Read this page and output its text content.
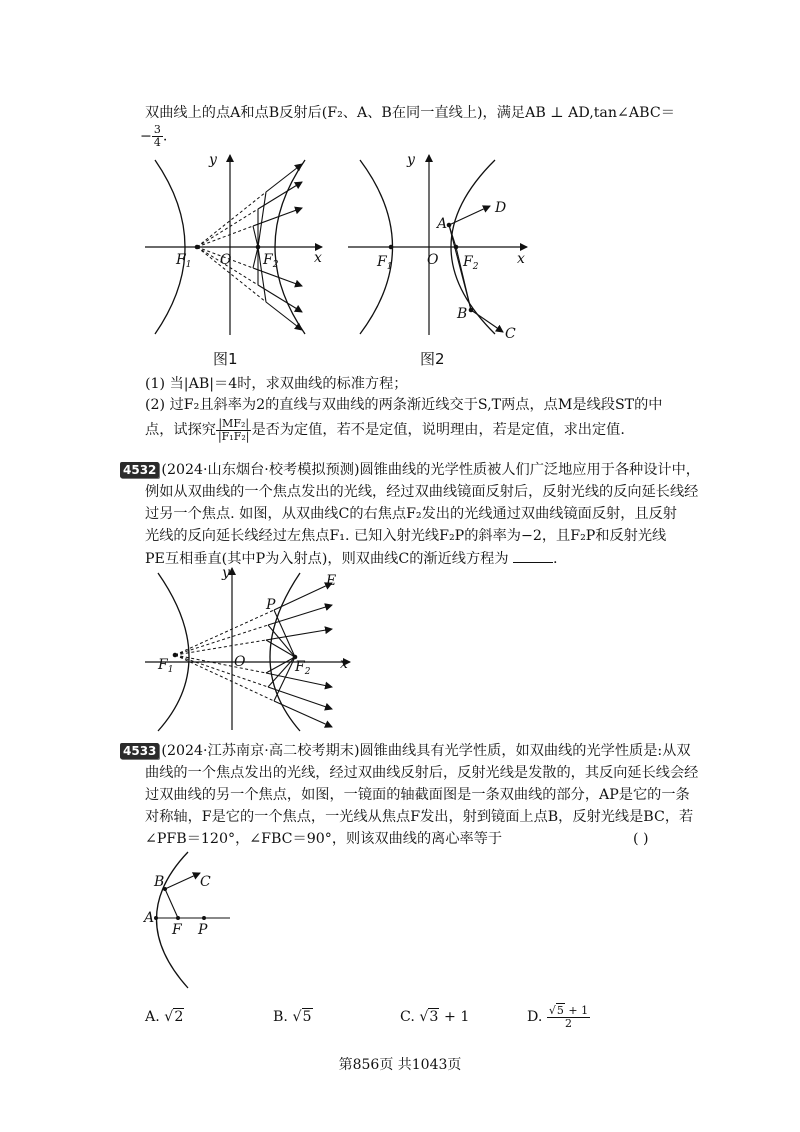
双曲线上的点A和点B反射后(F₂、A、B在同一直线上)，满足AB ⊥ AD,tan∠ABC＝
− $\frac{3}{4}$ .
y
x
O
$F_1$	$F_2$
图1
y
x
O
$F_1$	$F_2$
A
D
B
C
图2
(1) 当|AB|＝4时，求双曲线的标准方程；
(2) 过F₂且斜率为2的直线与双曲线的两条渐近线交于S,T两点，点M是线段ST的中
点，试探究 $\frac{\text{|MF₂|}}{\text{|F₁F₂|}}$ 是否为定值，若不是定值，说明理由，若是定值，求出定值.
4532 (2024·山东烟台·校考模拟预测)圆锥曲线的光学性质被人们广泛地应用于各种设计中，
例如从双曲线的一个焦点发出的光线，经过双曲线镜面反射后，反射光线的反向延长线经
过另一个焦点. 如图，从双曲线C的右焦点F₂发出的光线通过双曲线镜面反射，且反射
光线的反向延长线经过左焦点F₁. 已知入射光线F₂P的斜率为−2，且F₂P和反射光线
PE互相垂直(其中P为入射点)，则双曲线C的渐近线方程为	.
y
x
O
$F_1$	$F_2$
P
E
4533 (2024·江苏南京·高二校考期末)圆锥曲线具有光学性质，如双曲线的光学性质是:从双
曲线的一个焦点发出的光线，经过双曲线反射后，反射光线是发散的，其反向延长线会经
过双曲线的另一个焦点，如图，一镜面的轴截面图是一条双曲线的部分，AP是它的一条
对称轴，F是它的一个焦点，一光线从焦点F发出，射到镜面上点B，反射光线是BC，若
∠PFB＝120°，∠FBC＝90°，则该双曲线的离心率等于	( )
B	C
A
F P
A. √2	B. √5	C. √3 + 1	D. $\frac{√5 + 1}{2}$
第856页 共1043页
